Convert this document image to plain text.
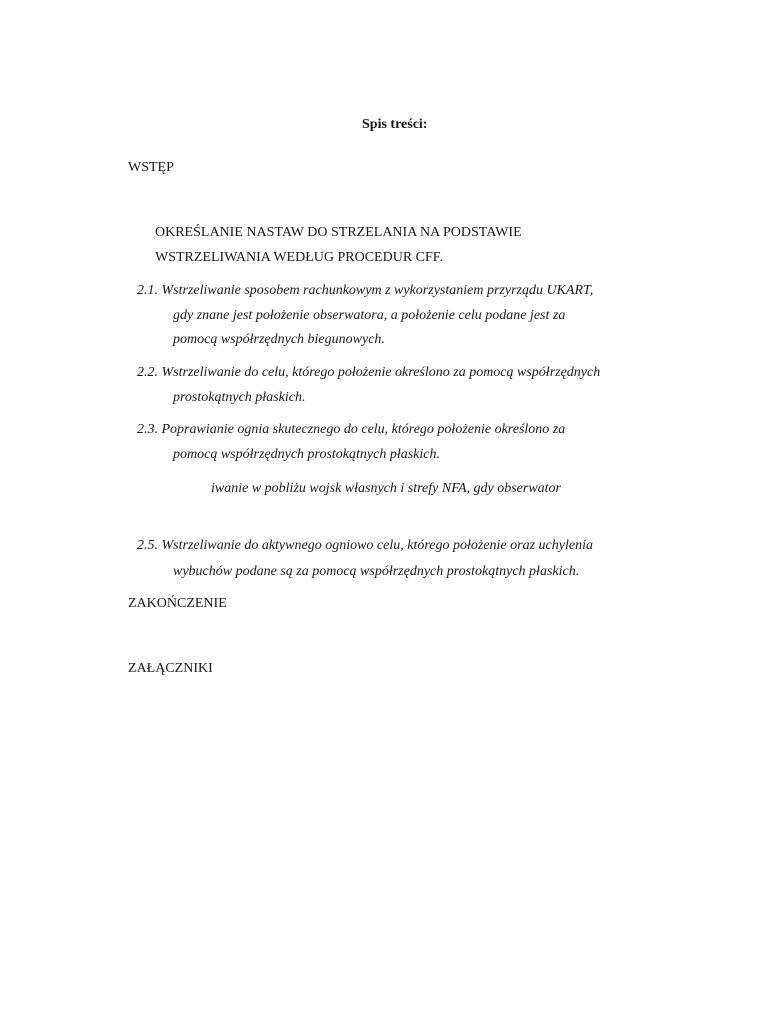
Spis treści:
WSTĘP
OKREŚLANIE NASTAW DO STRZELANIA NA PODSTAWIE
WSTRZELIWANIA WEDŁUG PROCEDUR CFF.
2.1. Wstrzeliwanie sposobem rachunkowym z wykorzystaniem przyrządu UKART,
gdy znane jest położenie obserwatora, a położenie celu podane jest za
pomocą współrzędnych biegunowych.
2.2. Wstrzeliwanie do celu, którego położenie określono za pomocą współrzędnych
prostokątnych płaskich.
2.3. Poprawianie ognia skutecznego do celu, którego położenie określono za
pomocą współrzędnych prostokątnych płaskich.
iwanie w pobliżu wojsk własnych i strefy NFA, gdy obserwator
2.5. Wstrzeliwanie do aktywnego ogniowo celu, którego położenie oraz uchylenia
wybuchów podane są za pomocą współrzędnych prostokątnych płaskich.
ZAKOŃCZENIE
ZAŁĄCZNIKI
